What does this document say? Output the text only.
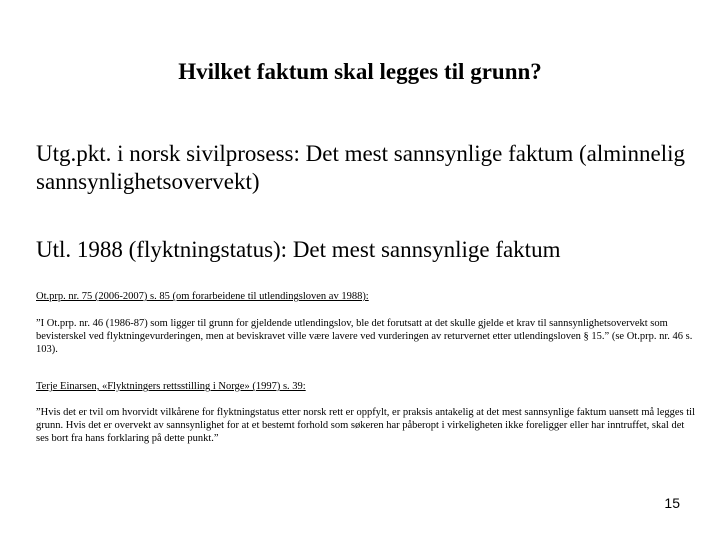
Hvilket faktum skal legges til grunn?
Utg.pkt. i norsk sivilprosess: Det mest sannsynlige faktum (alminnelig sannsynlighetsovervekt)
Utl. 1988 (flyktningstatus): Det mest sannsynlige faktum
Ot.prp. nr. 75 (2006-2007) s. 85 (om forarbeidene til utlendingsloven av 1988):
”I Ot.prp. nr. 46 (1986-87) som ligger til grunn for gjeldende utlendingslov, ble det forutsatt at det skulle gjelde et krav til sannsynlighetsovervekt som bevisterskel ved flyktningevurderingen, men at beviskravet ville være lavere ved vurderingen av returvernet etter utlendingsloven § 15.” (se Ot.prp. nr. 46 s. 103).
Terje Einarsen, «Flyktningers rettsstilling i Norge» (1997) s. 39:
”Hvis det er tvil om hvorvidt vilkårene for flyktningstatus etter norsk rett er oppfylt, er praksis antakelig at det mest sannsynlige faktum uansett må legges til grunn. Hvis det er overvekt av sannsynlighet for at et bestemt forhold som søkeren har påberopt i virkeligheten ikke foreligger eller har inntruffet, skal det ses bort fra hans forklaring på dette punkt.”
15
